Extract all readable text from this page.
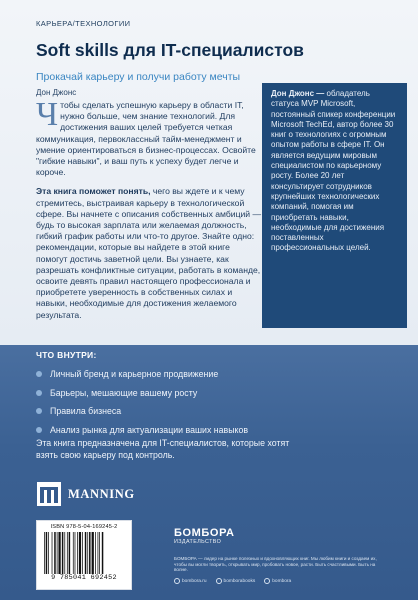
КАРЬЕРА/ТЕХНОЛОГИИ
Soft skills для IT-специалистов
Прокачай карьеру и получи работу мечты
Дон Джонс
Чтобы сделать успешную карьеру в области IT, нужно больше, чем знание технологий. Для достижения ваших целей требуется четкая коммуникация, первоклассный тайм-менеджмент и умение ориентироваться в бизнес-процессах. Освойте "гибкие навыки", и ваш путь к успеху будет легче и короче.
Эта книга поможет понять, чего вы ждете и к чему стремитесь, выстраивая карьеру в технологической сфере. Вы начнете с описания собственных амбиций — будь то высокая зарплата или желаемая должность, гибкий график работы или что-то другое. Знайте одно: рекомендации, которые вы найдете в этой книге помогут достичь заветной цели. Вы узнаете, как разрешать конфликтные ситуации, работать в команде, освоите девять правил настоящего профессионала и приобретете уверенность в собственных силах и навыки, необходимые для достижения желаемого результата.
Дон Джонс — обладатель статуса MVP Microsoft, постоянный спикер конференции Microsoft TechEd, автор более 30 книг о технологиях с огромным опытом работы в сфере IT. Он является ведущим мировым специалистом по карьерному росту. Более 20 лет консультирует сотрудников крупнейших технологических компаний, помогая им приобретать навыки, необходимые для достижения поставленных профессиональных целей.
ЧТО ВНУТРИ:
Личный бренд и карьерное продвижение
Барьеры, мешающие вашему росту
Правила бизнеса
Анализ рынка для актуализации ваших навыков
Эта книга предназначена для IT-специалистов, которые хотят взять свою карьеру под контроль.
MANNING
ISBN 978-5-04-169245-2
9 785041 692452
БОМБОРА
ИЗДАТЕЛЬСТВО
БОМБОРА — лидер на рынке полезных и вдохновляющих книг. Мы любим книги и создаем их, чтобы вы могли творить, открывать мир, пробовать новое, расти. Быть счастливыми. Быть на волне.
bombora.ru	bomborabooks	bombora
